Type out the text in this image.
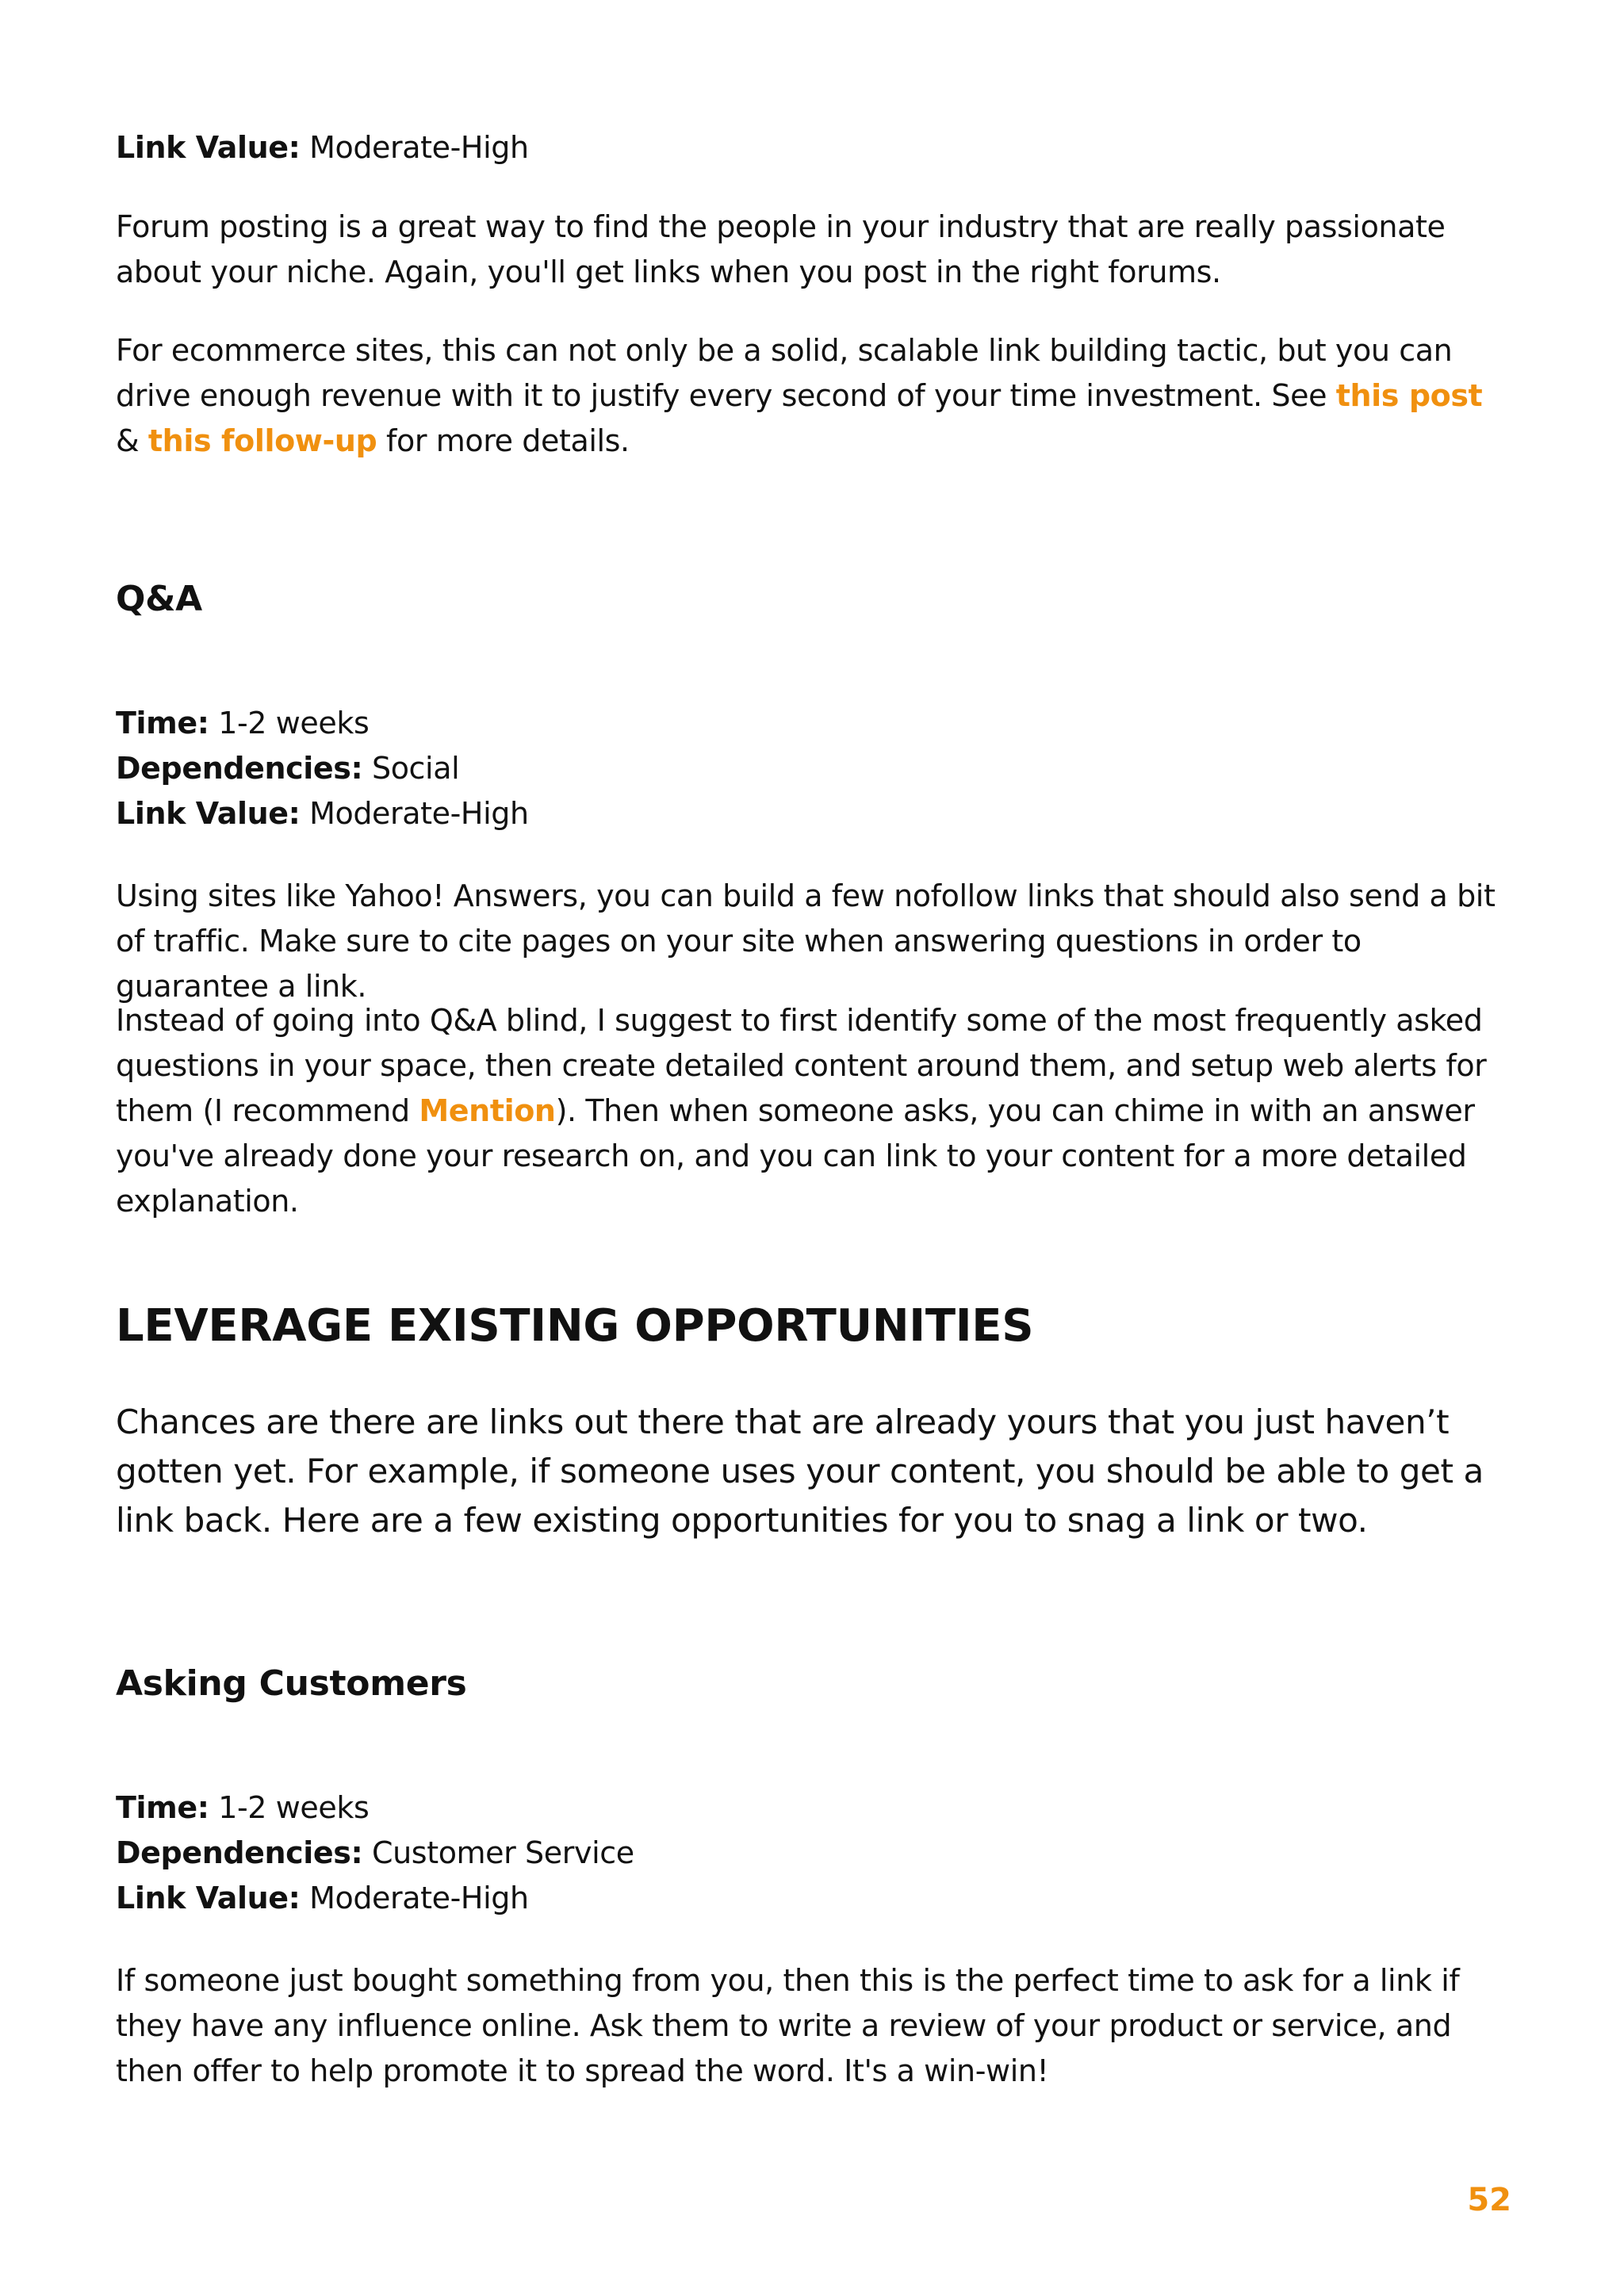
Link Value: Moderate-High

Forum posting is a great way to find the people in your industry that are really passionate about your niche. Again, you'll get links when you post in the right forums.

For ecommerce sites, this can not only be a solid, scalable link building tactic, but you can drive enough revenue with it to justify every second of your time investment. See this post & this follow-up for more details.

Q&A
Time: 1-2 weeks
Dependencies: Social
Link Value: Moderate-High

Using sites like Yahoo! Answers, you can build a few nofollow links that should also send a bit of traffic. Make sure to cite pages on your site when answering questions in order to guarantee a link.

Instead of going into Q&A blind, I suggest to first identify some of the most frequently asked questions in your space, then create detailed content around them, and setup web alerts for them (I recommend Mention). Then when someone asks, you can chime in with an answer you've already done your research on, and you can link to your content for a more detailed explanation.

LEVERAGE EXISTING OPPORTUNITIES

Chances are there are links out there that are already yours that you just haven’t gotten yet. For example, if someone uses your content, you should be able to get a link back. Here are a few existing opportunities for you to snag a link or two.

Asking Customers
Time: 1-2 weeks
Dependencies: Customer Service
Link Value: Moderate-High

If someone just bought something from you, then this is the perfect time to ask for a link if they have any influence online. Ask them to write a review of your product or service, and then offer to help promote it to spread the word. It's a win-win!

52
